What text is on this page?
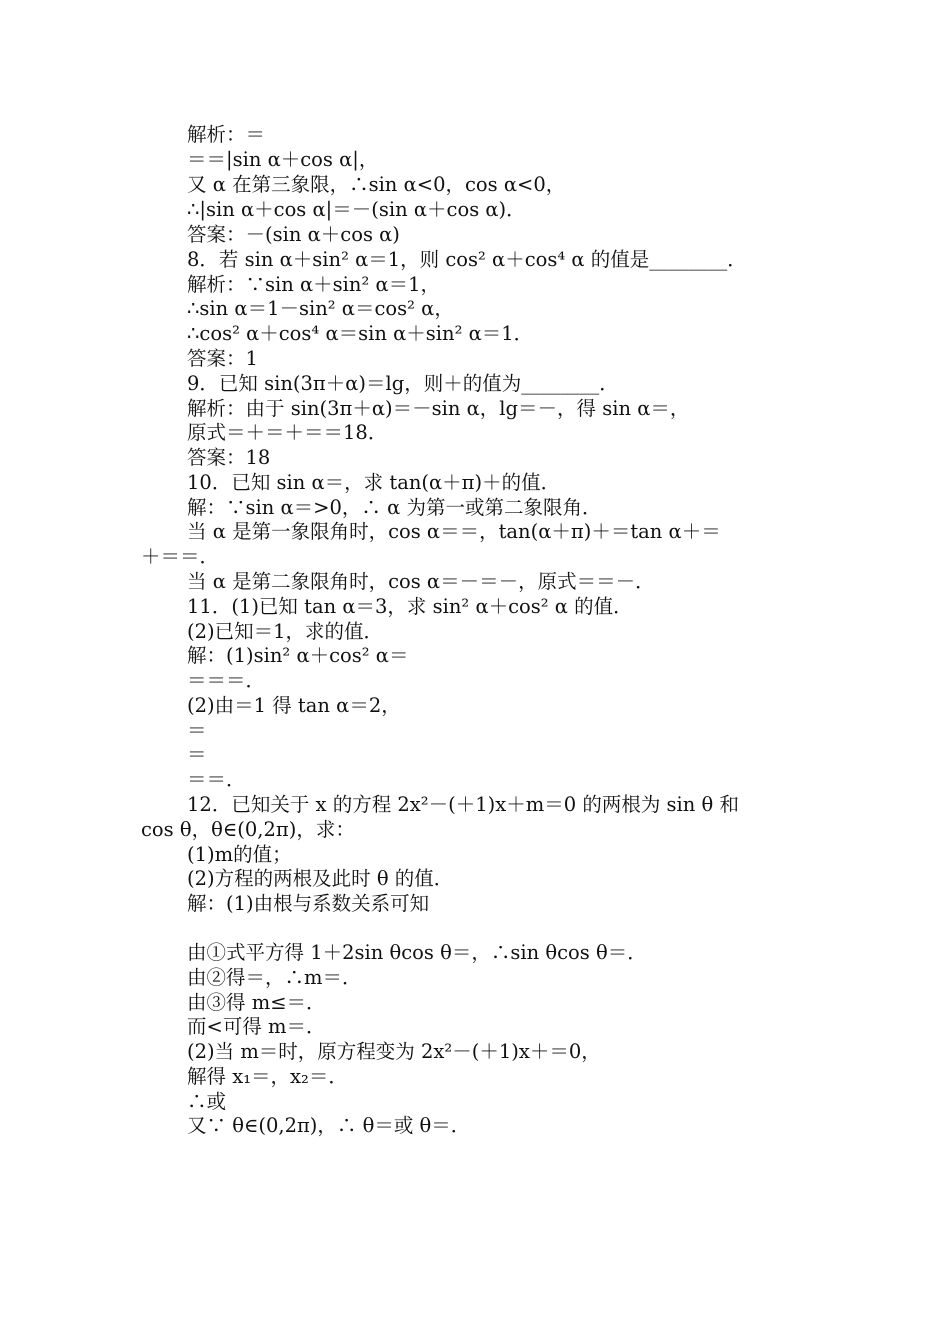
解析：＝
＝＝|sin α＋cos α|，
又 α 在第三象限，∴sin α<0，cos α<0，
∴|sin α＋cos α|＝－(sin α＋cos α)．
答案：－(sin α＋cos α)
8．若 sin α＋sin² α＝1，则 cos² α＋cos⁴ α 的值是________．
解析：∵sin α＋sin² α＝1，
∴sin α＝1－sin² α＝cos² α，
∴cos² α＋cos⁴ α＝sin α＋sin² α＝1．
答案：1
9．已知 sin(3π＋α)＝lg，则＋的值为________．
解析：由于 sin(3π＋α)＝－sin α，lg＝－，得 sin α＝，
原式＝＋＝＋＝＝18．
答案：18
10．已知 sin α＝，求 tan(α＋π)＋的值．
解：∵sin α＝>0，∴ α 为第一或第二象限角．
当 α 是第一象限角时，cos α＝＝，tan(α＋π)＋＝tan α＋＝
＋＝＝．
当 α 是第二象限角时，cos α＝－＝－，原式＝＝－．
11．(1)已知 tan α＝3，求 sin² α＋cos² α 的值．
(2)已知＝1，求的值．
解：(1)sin² α＋cos² α＝
＝＝＝．
(2)由＝1 得 tan α＝2，
＝
＝
＝＝．
12．已知关于 x 的方程 2x²－(＋1)x＋m＝0 的两根为 sin θ 和
cos θ，θ∈(0,2π)，求：
(1)m的值；
(2)方程的两根及此时 θ 的值．
解：(1)由根与系数关系可知
由①式平方得 1＋2sin θcos θ＝，∴sin θcos θ＝．
由②得＝，∴m＝．
由③得 m≤＝．
而<可得 m＝．
(2)当 m＝时，原方程变为 2x²－(＋1)x＋＝0，
解得 x₁＝，x₂＝．
∴或
又∵ θ∈(0,2π)，∴ θ＝或 θ＝．
